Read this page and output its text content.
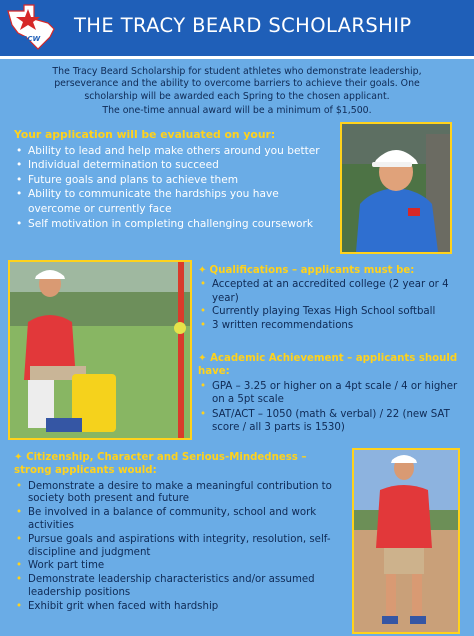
BCW
THE TRACY BEARD SCHOLARSHIP

The Tracy Beard Scholarship for student athletes who demonstrate leadership,

perseverance and the ability to overcome barriers to achieve their goals. One

scholarship will be awarded each Spring to the chosen applicant.

The one-time annual award will be a minimum of $1,500.

Your application will be evaluated on your:
• Ability to lead and help make others around you better
• Individual determination to succeed
• Future goals and plans to achieve them
• Ability to communicate the hardships you have overcome or currently face
• Self motivation in completing challenging coursework
✦ Qualifications – applicants must be:
• Accepted at an accredited college (2 year or 4 year)
• Currently playing Texas High School softball
• 3 written recommendations
✦ Academic Achievement – applicants should have:
• GPA – 3.25 or higher on a 4pt scale / 4 or higher on a 5pt scale
• SAT/ACT – 1050 (math & verbal) / 22 (new SAT score / all 3 parts is 1530)
✦ Citizenship, Character and Serious-Mindedness – strong applicants would:
• Demonstrate a desire to make a meaningful contribution to society both present and future
• Be involved in a balance of community, school and work activities
• Pursue goals and aspirations with integrity, resolution, self-discipline and judgment
• Work part time
• Demonstrate leadership characteristics and/or assumed leadership positions
• Exhibit grit when faced with hardship
